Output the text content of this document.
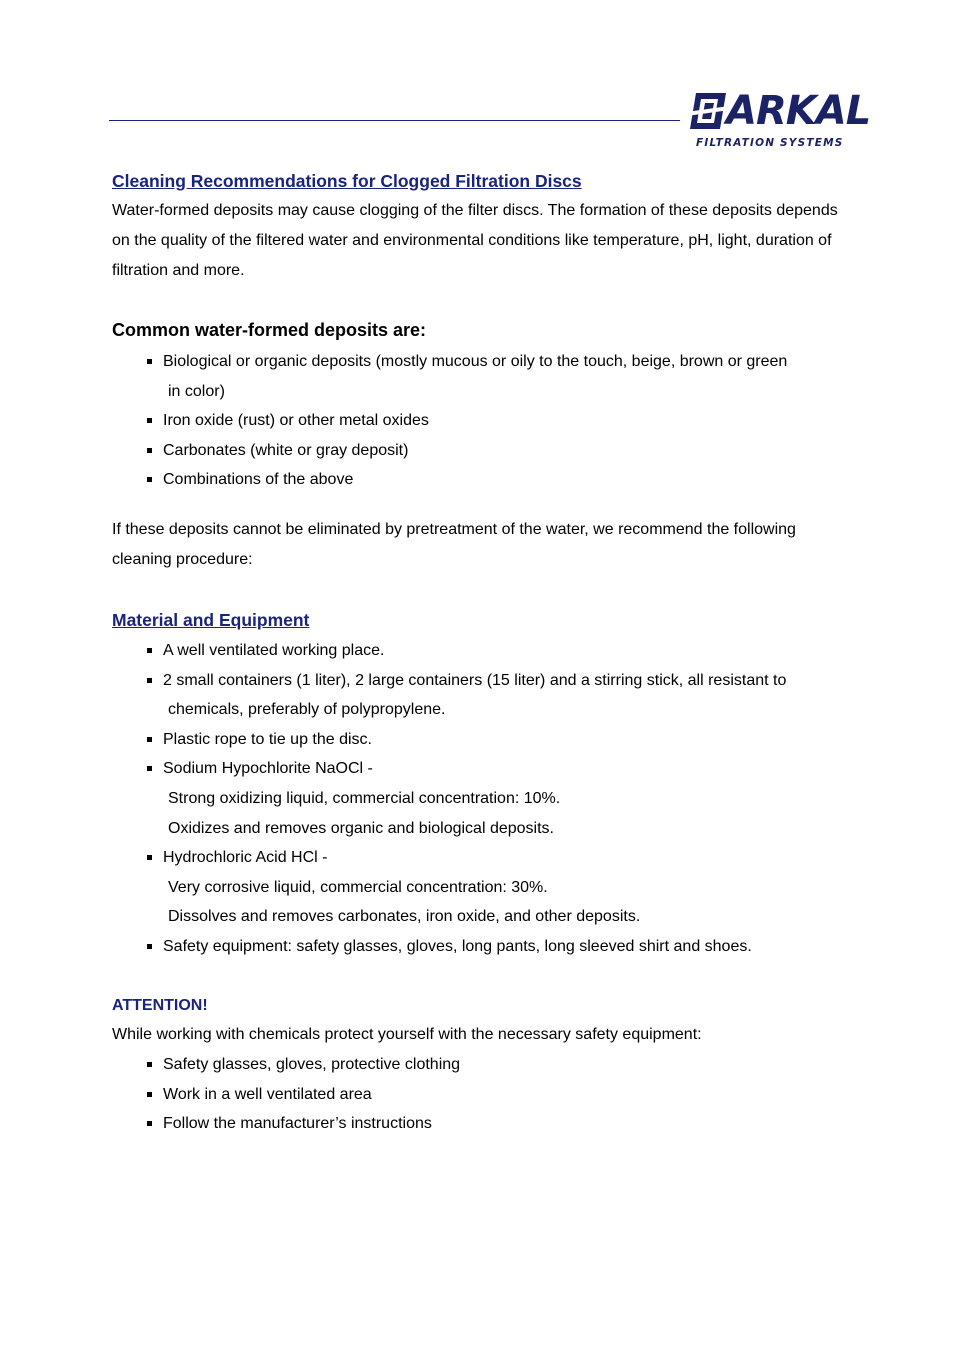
ARKAL
FILTRATION SYSTEMS

Cleaning Recommendations for Clogged Filtration Discs

Water-formed deposits may cause clogging of the filter discs. The formation of these deposits depends on the quality of the filtered water and environmental conditions like temperature, pH, light, duration of filtration and more.

Common water-formed deposits are:

Biological or organic deposits (mostly mucous or oily to the touch, beige, brown or green
in color)
Iron oxide (rust) or other metal oxides
Carbonates (white or gray deposit)
Combinations of the above

If these deposits cannot be eliminated by pretreatment of the water, we recommend the following cleaning procedure:

Material and Equipment

A well ventilated working place.
2 small containers (1 liter), 2 large containers (15 liter) and a stirring stick, all resistant to
chemicals, preferably of polypropylene.
Plastic rope to tie up the disc.
Sodium Hypochlorite NaOCl -
Strong oxidizing liquid, commercial concentration: 10%.
Oxidizes and removes organic and biological deposits.
Hydrochloric Acid HCl -
Very corrosive liquid, commercial concentration: 30%.
Dissolves and removes carbonates, iron oxide, and other deposits.
Safety equipment: safety glasses, gloves, long pants, long sleeved shirt and shoes.

ATTENTION!

While working with chemicals protect yourself with the necessary safety equipment:

Safety glasses, gloves, protective clothing
Work in a well ventilated area
Follow the manufacturer’s instructions
